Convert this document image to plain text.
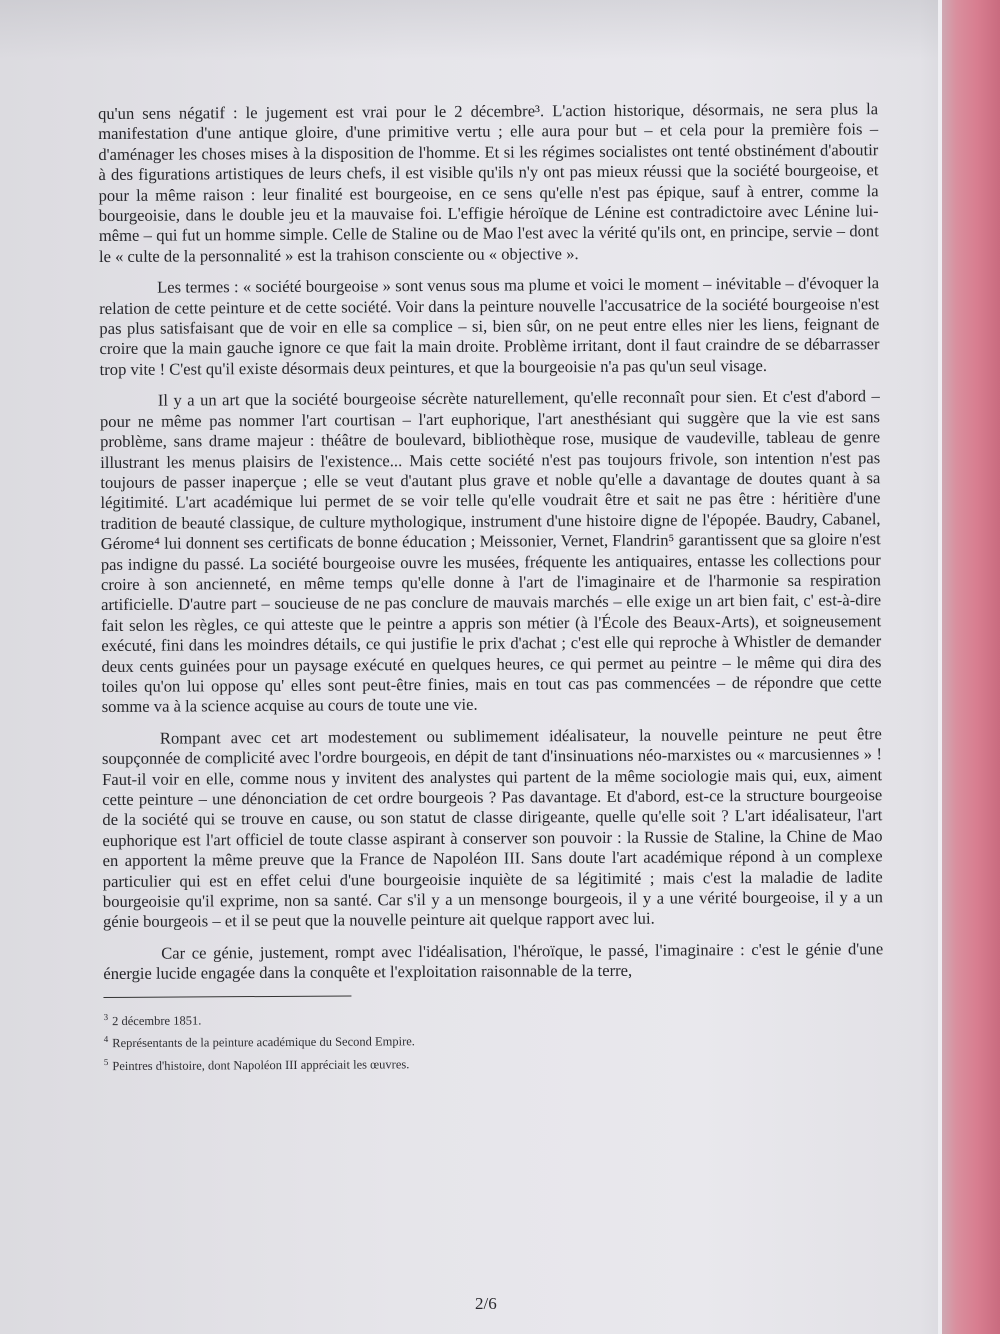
qu'un sens négatif : le jugement est vrai pour le 2 décembre³. L'action historique, désormais, ne sera plus la manifestation d'une antique gloire, d'une primitive vertu ; elle aura pour but – et cela pour la première fois – d'aménager les choses mises à la disposition de l'homme. Et si les régimes socialistes ont tenté obstinément d'aboutir à des figurations artistiques de leurs chefs, il est visible qu'ils n'y ont pas mieux réussi que la société bourgeoise, et pour la même raison : leur finalité est bourgeoise, en ce sens qu'elle n'est pas épique, sauf à entrer, comme la bourgeoisie, dans le double jeu et la mauvaise foi. L'effigie héroïque de Lénine est contradictoire avec Lénine lui-même – qui fut un homme simple. Celle de Staline ou de Mao l'est avec la vérité qu'ils ont, en principe, servie – dont le « culte de la personnalité » est la trahison consciente ou « objective ».

Les termes : « société bourgeoise » sont venus sous ma plume et voici le moment – inévitable – d'évoquer la relation de cette peinture et de cette société. Voir dans la peinture nouvelle l'accusatrice de la société bourgeoise n'est pas plus satisfaisant que de voir en elle sa complice – si, bien sûr, on ne peut entre elles nier les liens, feignant de croire que la main gauche ignore ce que fait la main droite. Problème irritant, dont il faut craindre de se débarrasser trop vite ! C'est qu'il existe désormais deux peintures, et que la bourgeoisie n'a pas qu'un seul visage.

Il y a un art que la société bourgeoise sécrète naturellement, qu'elle reconnaît pour sien. Et c'est d'abord – pour ne même pas nommer l'art courtisan – l'art euphorique, l'art anesthésiant qui suggère que la vie est sans problème, sans drame majeur : théâtre de boulevard, bibliothèque rose, musique de vaudeville, tableau de genre illustrant les menus plaisirs de l'existence... Mais cette société n'est pas toujours frivole, son intention n'est pas toujours de passer inaperçue ; elle se veut d'autant plus grave et noble qu'elle a davantage de doutes quant à sa légitimité. L'art académique lui permet de se voir telle qu'elle voudrait être et sait ne pas être : héritière d'une tradition de beauté classique, de culture mythologique, instrument d'une histoire digne de l'épopée. Baudry, Cabanel, Gérome⁴ lui donnent ses certificats de bonne éducation ; Meissonier, Vernet, Flandrin⁵ garantissent que sa gloire n'est pas indigne du passé. La société bourgeoise ouvre les musées, fréquente les antiquaires, entasse les collections pour croire à son ancienneté, en même temps qu'elle donne à l'art de l'imaginaire et de l'harmonie sa respiration artificielle. D'autre part – soucieuse de ne pas conclure de mauvais marchés – elle exige un art bien fait, c' est-à-dire fait selon les règles, ce qui atteste que le peintre a appris son métier (à l'École des Beaux-Arts), et soigneusement exécuté, fini dans les moindres détails, ce qui justifie le prix d'achat ; c'est elle qui reproche à Whistler de demander deux cents guinées pour un paysage exécuté en quelques heures, ce qui permet au peintre – le même qui dira des toiles qu'on lui oppose qu' elles sont peut-être finies, mais en tout cas pas commencées – de répondre que cette somme va à la science acquise au cours de toute une vie.

Rompant avec cet art modestement ou sublimement idéalisateur, la nouvelle peinture ne peut être soupçonnée de complicité avec l'ordre bourgeois, en dépit de tant d'insinuations néo-marxistes ou « marcusiennes » ! Faut-il voir en elle, comme nous y invitent des analystes qui partent de la même sociologie mais qui, eux, aiment cette peinture – une dénonciation de cet ordre bourgeois ? Pas davantage. Et d'abord, est-ce la structure bourgeoise de la société qui se trouve en cause, ou son statut de classe dirigeante, quelle qu'elle soit ? L'art idéalisateur, l'art euphorique est l'art officiel de toute classe aspirant à conserver son pouvoir : la Russie de Staline, la Chine de Mao en apportent la même preuve que la France de Napoléon III. Sans doute l'art académique répond à un complexe particulier qui est en effet celui d'une bourgeoisie inquiète de sa légitimité ; mais c'est la maladie de ladite bourgeoisie qu'il exprime, non sa santé. Car s'il y a un mensonge bourgeois, il y a une vérité bourgeoise, il y a un génie bourgeois – et il se peut que la nouvelle peinture ait quelque rapport avec lui.

Car ce génie, justement, rompt avec l'idéalisation, l'héroïque, le passé, l'imaginaire : c'est le génie d'une énergie lucide engagée dans la conquête et l'exploitation raisonnable de la terre,

$^3$ 2 décembre 1851.
$^4$ Représentants de la peinture académique du Second Empire.
$^5$ Peintres d'histoire, dont Napoléon III appréciait les œuvres.
2/6
